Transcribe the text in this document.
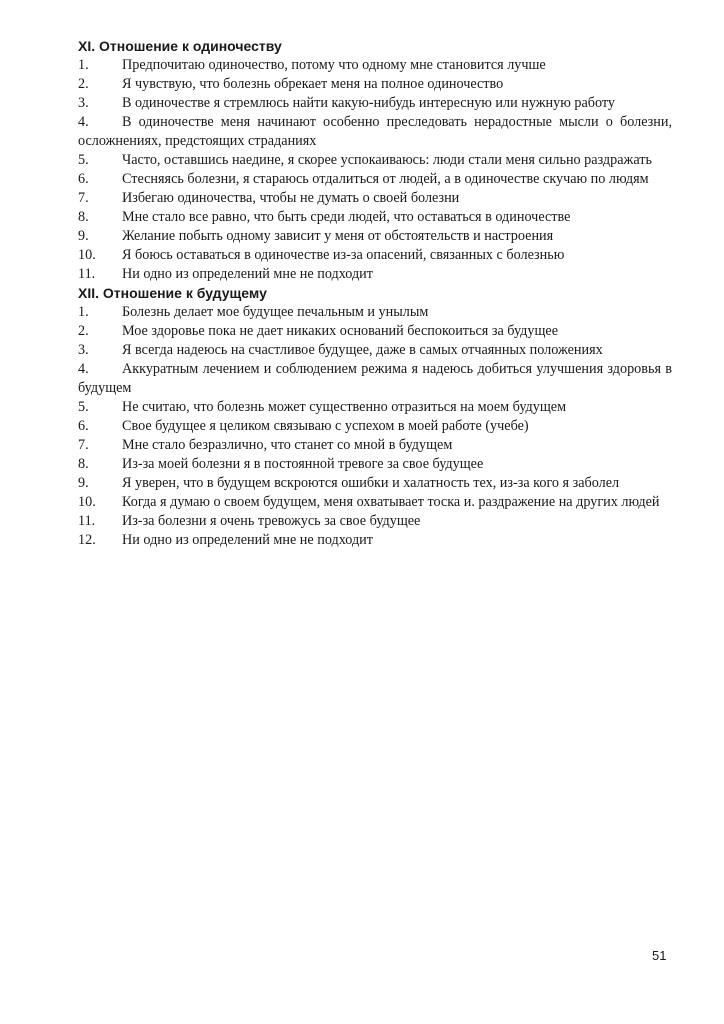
XI. Отношение к одиночеству

1. Предпочитаю одиночество, потому что одному мне становится лучше

2. Я чувствую, что болезнь обрекает меня на полное одиночество

3. В одиночестве я стремлюсь найти какую-нибудь интересную или нужную работу

4. В одиночестве меня начинают особенно преследовать нерадостные мысли о болезни, осложнениях, предстоящих страданиях

5. Часто, оставшись наедине, я скорее успокаиваюсь: люди стали меня сильно раздражать

6. Стесняясь болезни, я стараюсь отдалиться от людей, а в одиночестве скучаю по людям

7. Избегаю одиночества, чтобы не думать о своей болезни

8. Мне стало все равно, что быть среди людей, что оставаться в одиночестве

9. Желание побыть одному зависит у меня от обстоятельств и настроения

10. Я боюсь оставаться в одиночестве из-за опасений, связанных с болезнью

11. Ни одно из определений мне не подходит

XII. Отношение к будущему

1. Болезнь делает мое будущее печальным и унылым

2. Мое здоровье пока не дает никаких оснований беспокоиться за будущее

3. Я всегда надеюсь на счастливое будущее, даже в самых отчаянных положениях

4. Аккуратным лечением и соблюдением режима я надеюсь добиться улучшения здоровья в будущем

5. Не считаю, что болезнь может существенно отразиться на моем будущем

6. Свое будущее я целиком связываю с успехом в моей работе (учебе)

7. Мне стало безразлично, что станет со мной в будущем

8. Из-за моей болезни я в постоянной тревоге за свое будущее

9. Я уверен, что в будущем вскроются ошибки и халатность тех, из-за кого я заболел

10. Когда я думаю о своем будущем, меня охватывает тоска и. раздражение на других людей

11. Из-за болезни я очень тревожусь за свое будущее

12. Ни одно из определений мне не подходит

51
